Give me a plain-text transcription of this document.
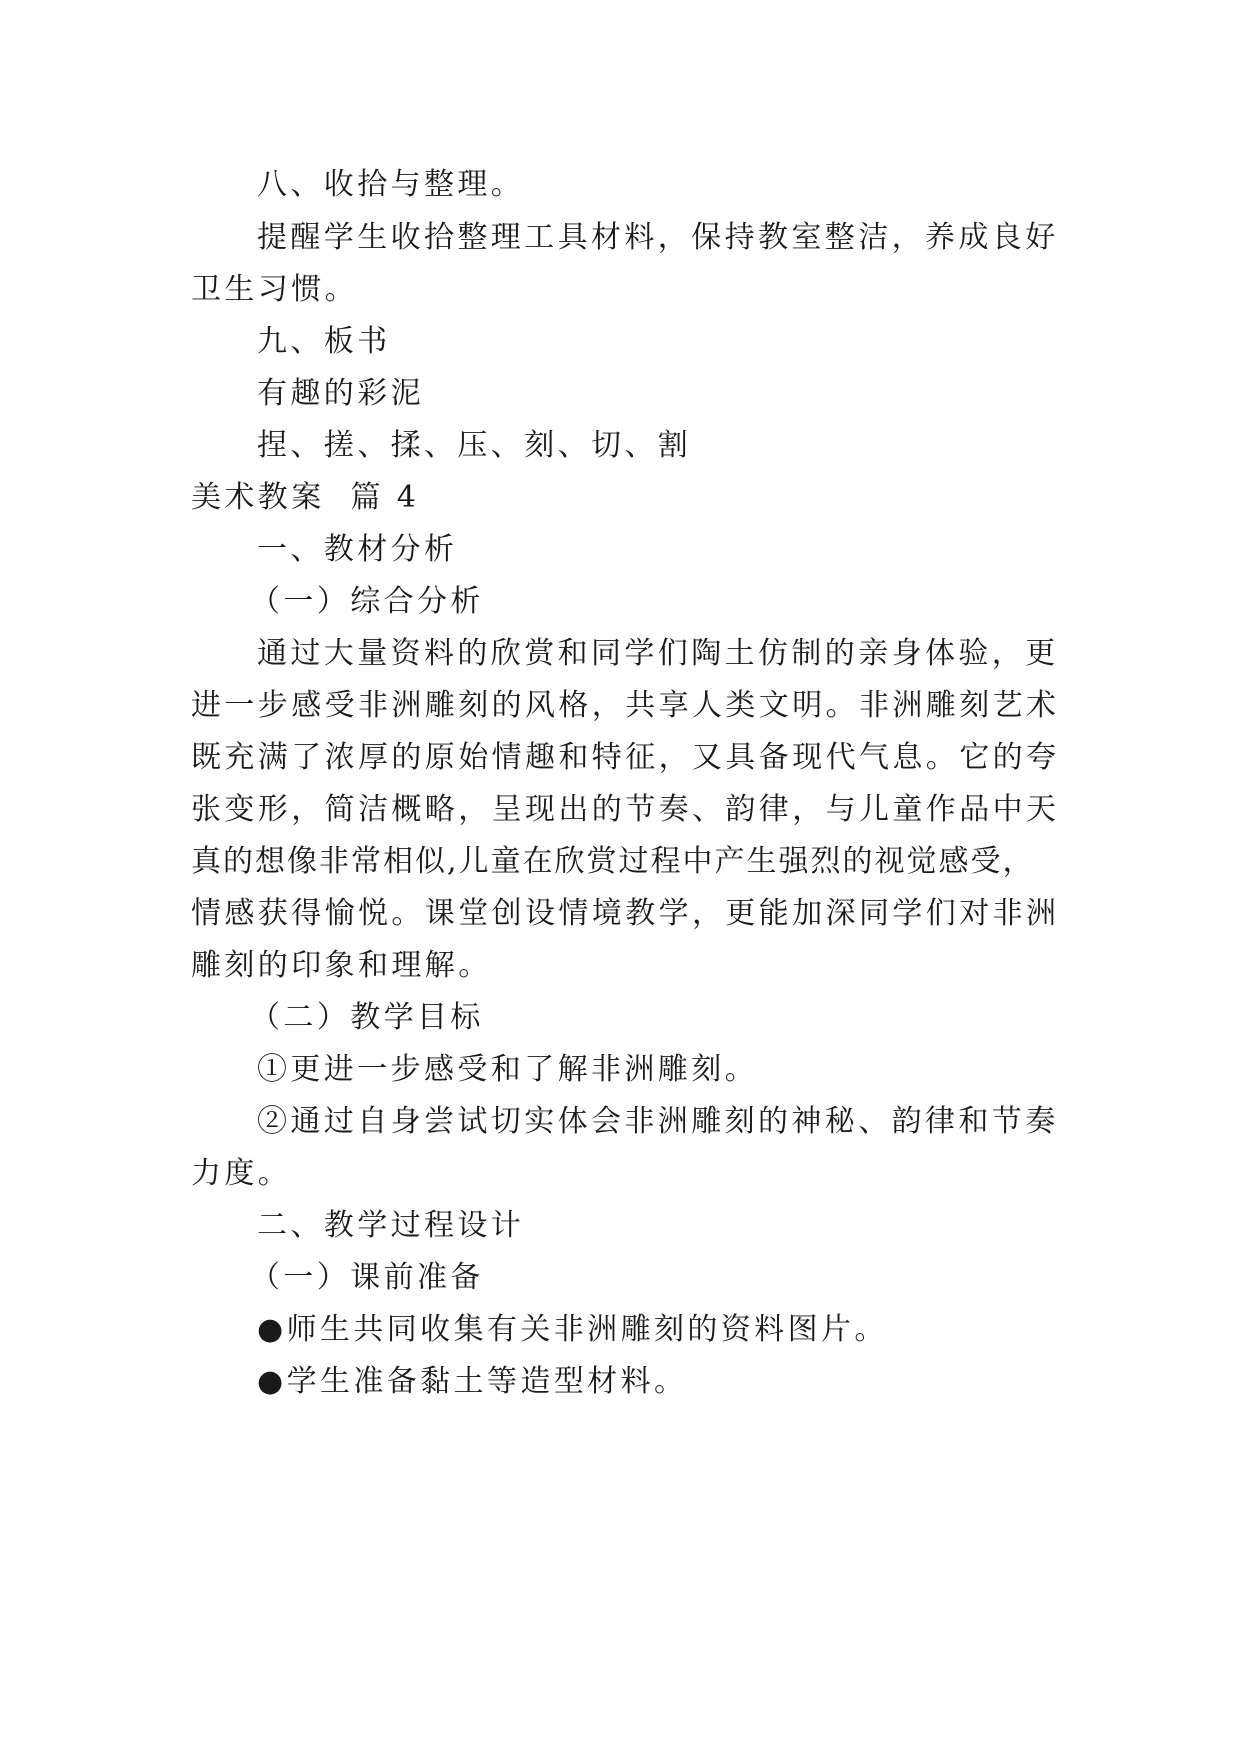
八、收拾与整理。

提醒学生收拾整理工具材料，保持教室整洁，养成良好

卫生习惯。

九、板书

有趣的彩泥

捏、搓、揉、压、刻、切、割

美术教案  篇 4

一、教材分析

（一）综合分析

通过大量资料的欣赏和同学们陶土仿制的亲身体验，更

进一步感受非洲雕刻的风格，共享人类文明。非洲雕刻艺术

既充满了浓厚的原始情趣和特征，又具备现代气息。它的夸

张变形，简洁概略，呈现出的节奏、韵律，与儿童作品中天

真的想像非常相似,儿童在欣赏过程中产生强烈的视觉感受，

情感获得愉悦。课堂创设情境教学，更能加深同学们对非洲

雕刻的印象和理解。

（二）教学目标

①更进一步感受和了解非洲雕刻。

②通过自身尝试切实体会非洲雕刻的神秘、韵律和节奏

力度。

二、教学过程设计

（一）课前准备

●师生共同收集有关非洲雕刻的资料图片。

●学生准备黏土等造型材料。
